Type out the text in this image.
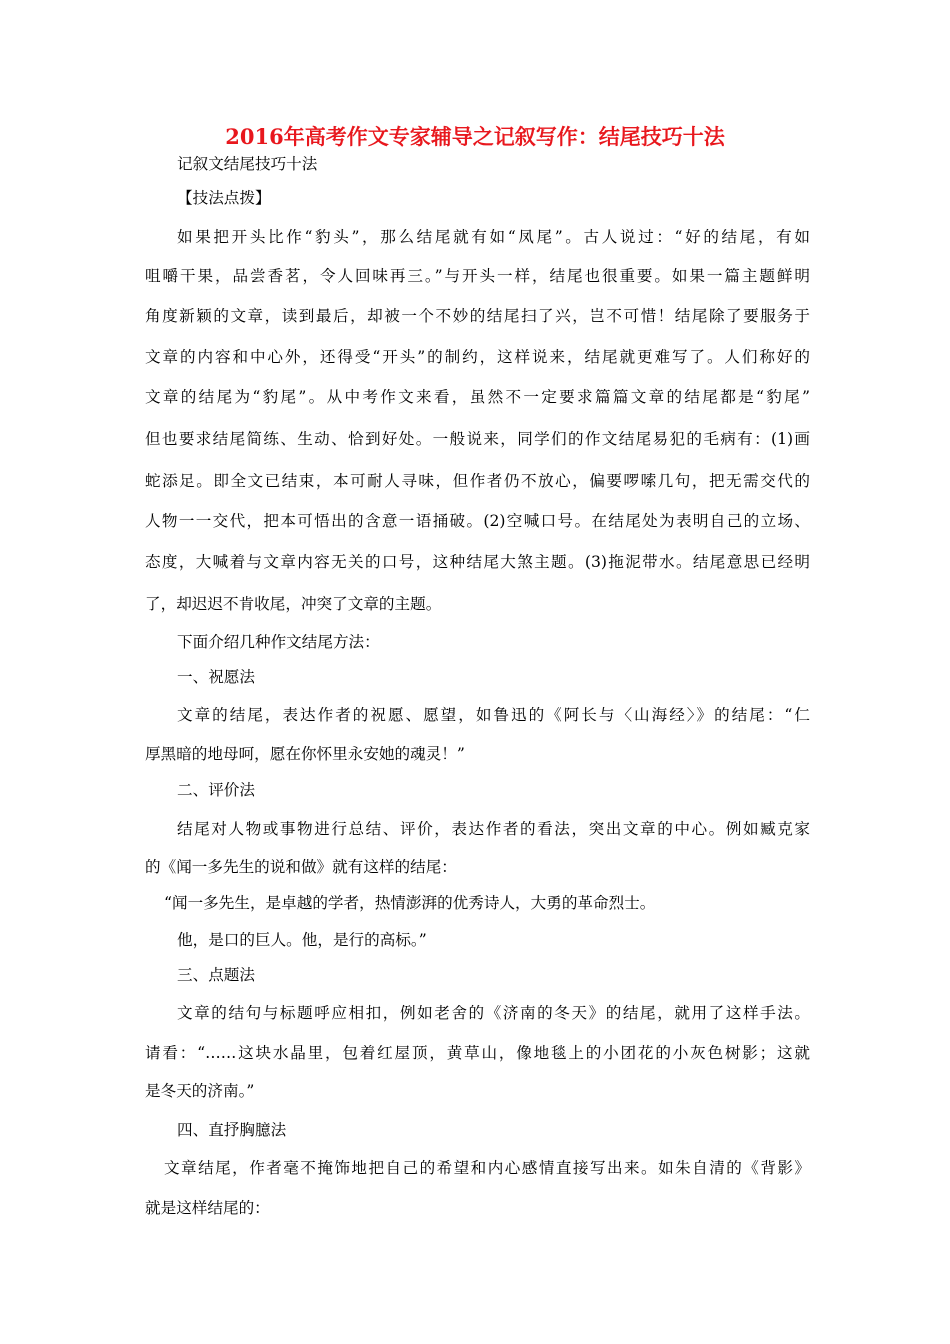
2016年高考作文专家辅导之记叙写作：结尾技巧十法
记叙文结尾技巧十法
【技法点拨】
如果把开头比作“豹头”，那么结尾就有如“凤尾”。古人说过：“好的结尾，有如
咀嚼干果，品尝香茗，令人回味再三。”与开头一样，结尾也很重要。如果一篇主题鲜明
角度新颖的文章，读到最后，却被一个不妙的结尾扫了兴，岂不可惜！结尾除了要服务于
文章的内容和中心外，还得受“开头”的制约，这样说来，结尾就更难写了。人们称好的
文章的结尾为“豹尾”。从中考作文来看，虽然不一定要求篇篇文章的结尾都是“豹尾”
但也要求结尾简练、生动、恰到好处。一般说来，同学们的作文结尾易犯的毛病有：(1)画
蛇添足。即全文已结束，本可耐人寻味，但作者仍不放心，偏要啰嗦几句，把无需交代的
人物一一交代，把本可悟出的含意一语捅破。(2)空喊口号。在结尾处为表明自己的立场、
态度，大喊着与文章内容无关的口号，这种结尾大煞主题。(3)拖泥带水。结尾意思已经明
了，却迟迟不肯收尾，冲突了文章的主题。
下面介绍几种作文结尾方法：
一、祝愿法
文章的结尾，表达作者的祝愿、愿望，如鲁迅的《阿长与〈山海经〉》的结尾：“仁
厚黑暗的地母呵，愿在你怀里永安她的魂灵！”
二、评价法
结尾对人物或事物进行总结、评价，表达作者的看法，突出文章的中心。例如臧克家
的《闻一多先生的说和做》就有这样的结尾：
“闻一多先生，是卓越的学者，热情澎湃的优秀诗人，大勇的革命烈士。
他，是口的巨人。他，是行的高标。”
三、点题法
文章的结句与标题呼应相扣，例如老舍的《济南的冬天》的结尾，就用了这样手法。
请看：“……这块水晶里，包着红屋顶，黄草山，像地毯上的小团花的小灰色树影；这就
是冬天的济南。”
四、直抒胸臆法
文章结尾，作者毫不掩饰地把自己的希望和内心感情直接写出来。如朱自清的《背影》
就是这样结尾的：
